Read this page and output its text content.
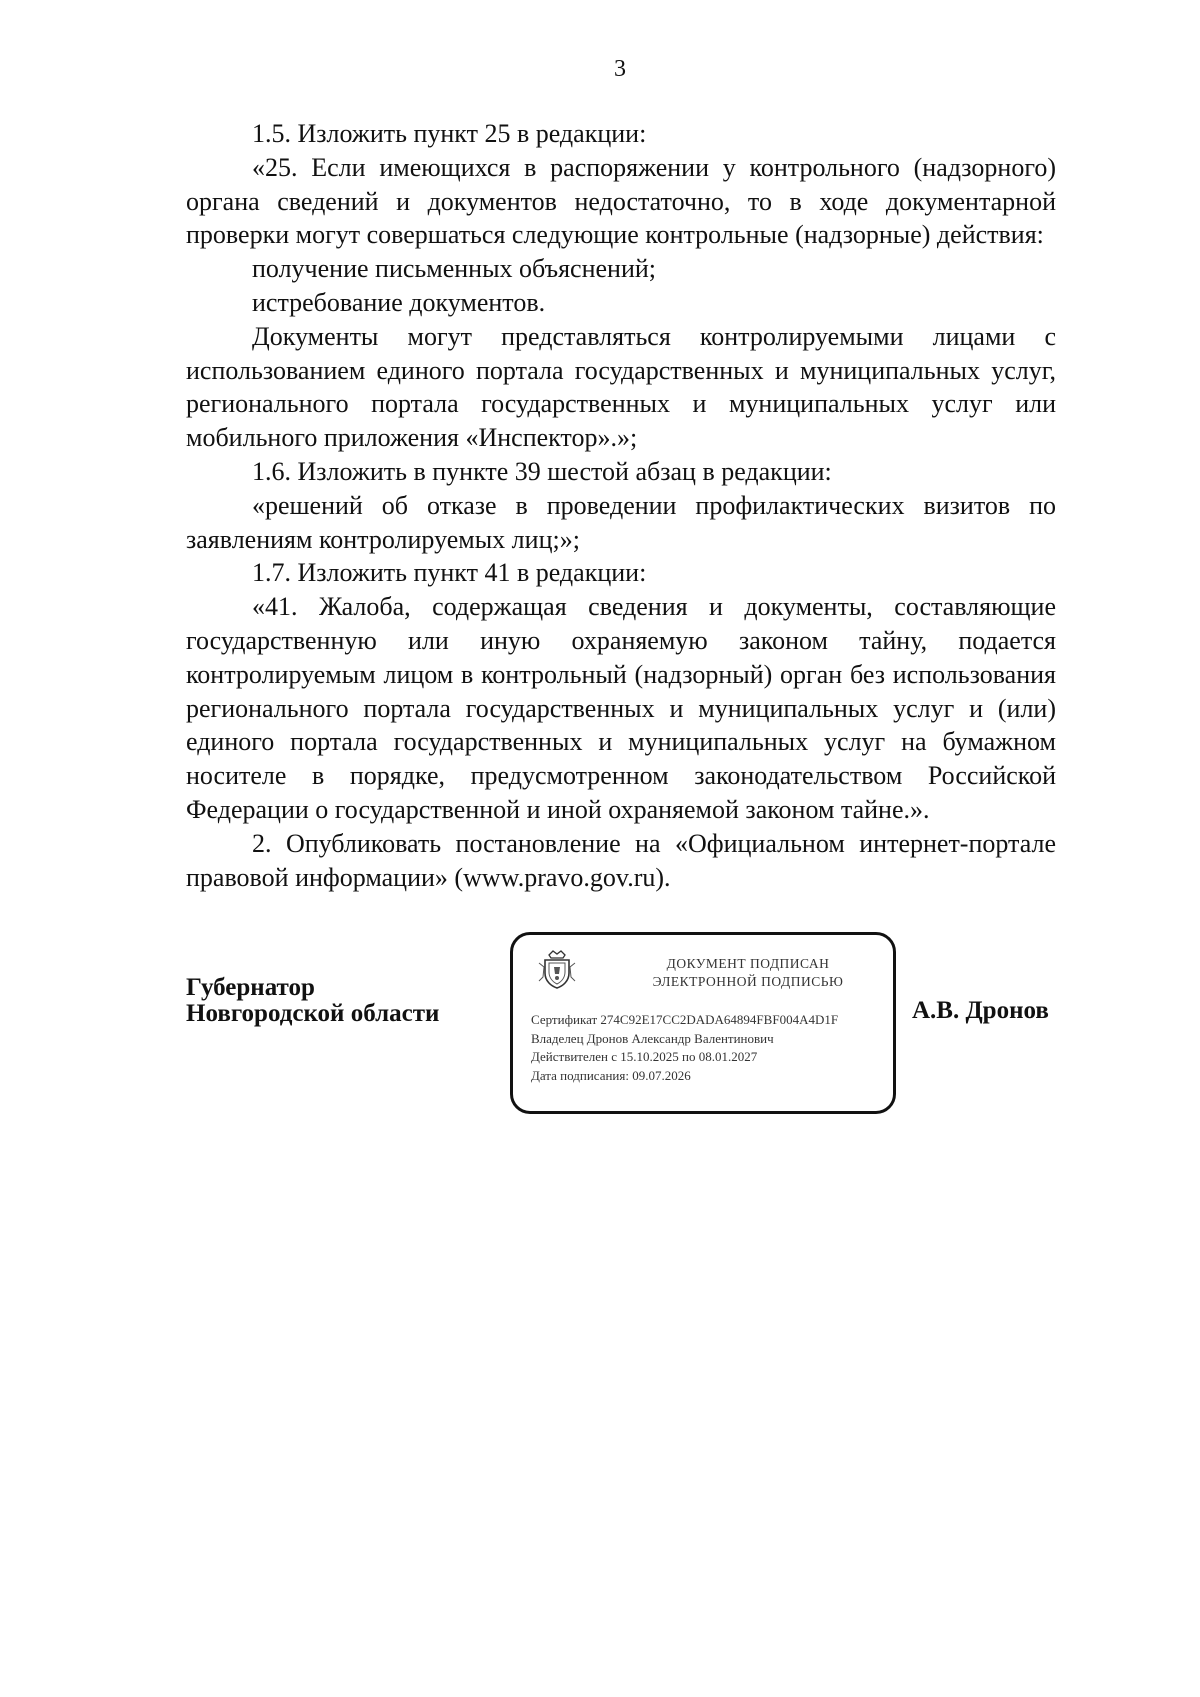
3

1.5. Изложить пункт 25 в редакции:

«25. Если имеющихся в распоряжении у контрольного (надзорного) органа сведений и документов недостаточно, то в ходе документарной проверки могут совершаться следующие контрольные (надзорные) действия:

получение письменных объяснений;

истребование документов.

Документы могут представляться контролируемыми лицами с использованием единого портала государственных и муниципальных услуг, регионального портала государственных и муниципальных услуг или мобильного приложения «Инспектор».»;

1.6. Изложить в пункте 39 шестой абзац в редакции:

«решений об отказе в проведении профилактических визитов по заявлениям контролируемых лиц;»;

1.7. Изложить пункт 41 в редакции:

«41. Жалоба, содержащая сведения и документы, составляющие государственную или иную охраняемую законом тайну, подается контролируемым лицом в контрольный (надзорный) орган без использования регионального портала государственных и муниципальных услуг и (или) единого портала государственных и муниципальных услуг на бумажном носителе в порядке, предусмотренном законодательством Российской Федерации о государственной и иной охраняемой законом тайне.».

2. Опубликовать постановление на «Официальном интернет-портале правовой информации» (www.pravo.gov.ru).

Губернатор
Новгородской области
ДОКУМЕНТ ПОДПИСАН
ЭЛЕКТРОННОЙ ПОДПИСЬЮ
Сертификат 274C92E17CC2DADA64894FBF004A4D1F
Владелец Дронов Александр Валентинович
Действителен с 15.10.2025 по 08.01.2027
Дата подписания: 09.07.2026
А.В. Дронов
